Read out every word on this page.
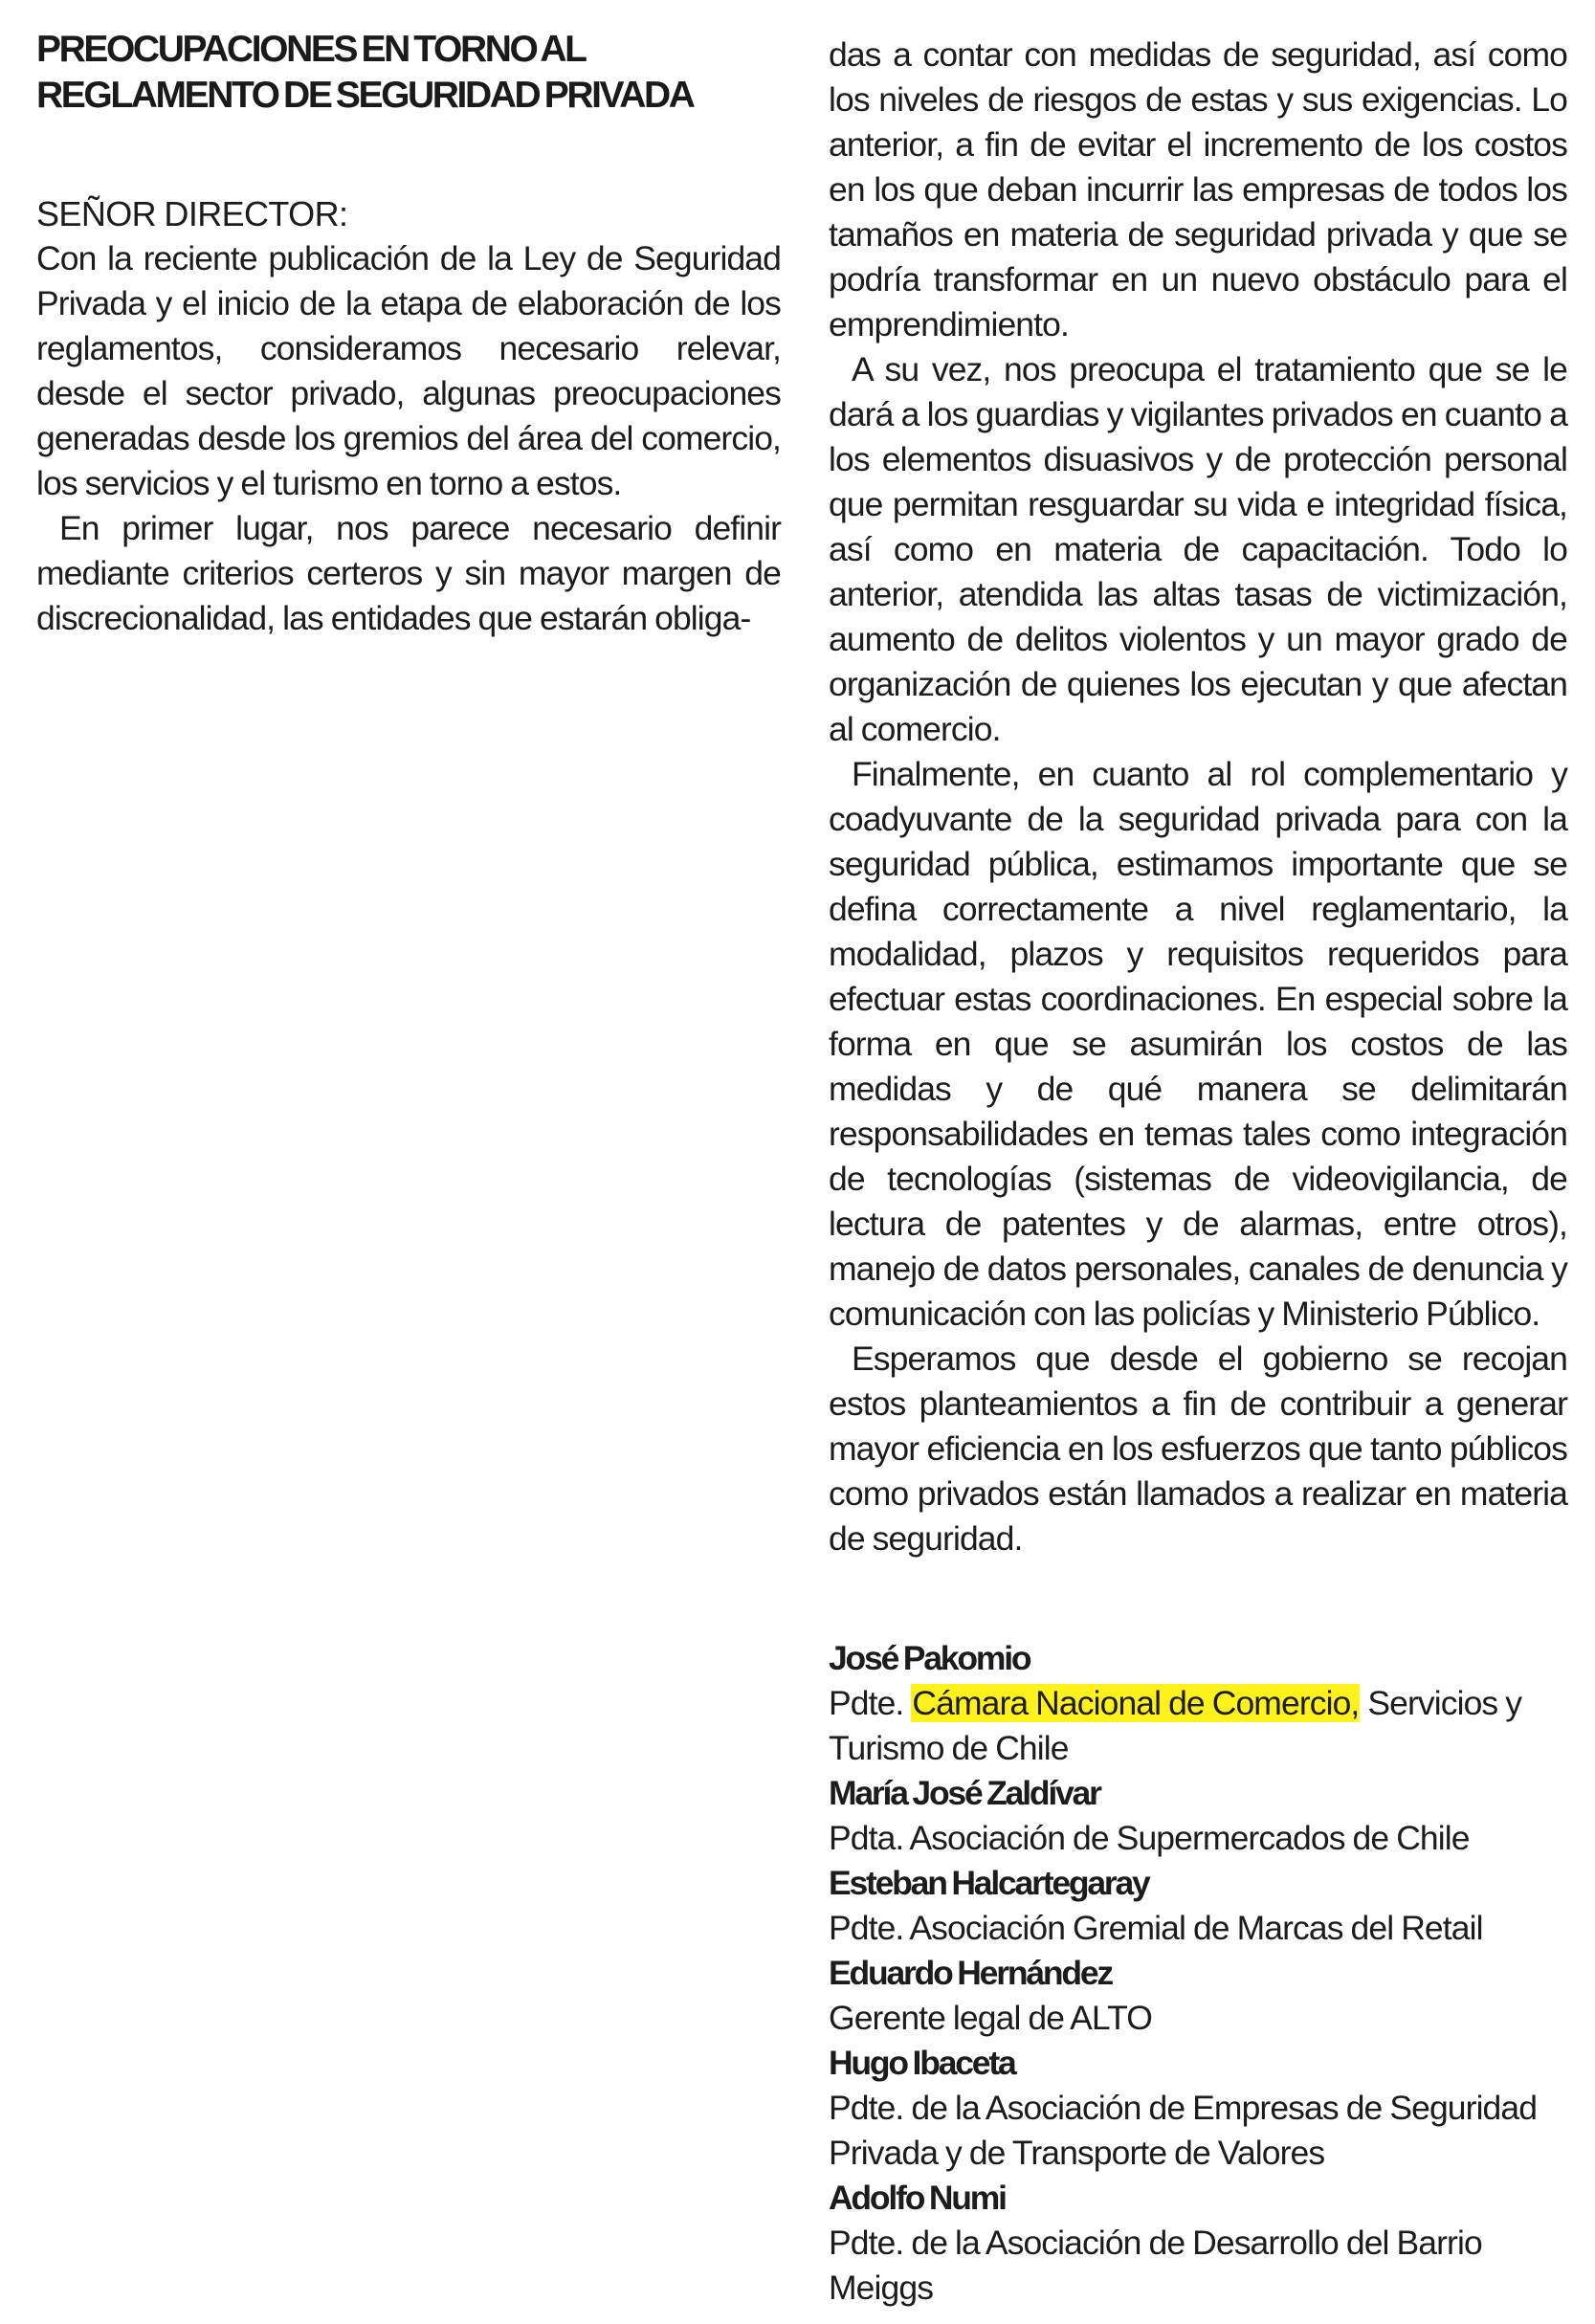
PREOCUPACIONES EN TORNO AL
REGLAMENTO DE SEGURIDAD PRIVADA

SEÑOR DIRECTOR:

Con la reciente publicación de la Ley de Seguridad Privada y el inicio de la etapa de elaboración de los reglamentos, consideramos necesario relevar, desde el sector privado, algunas preocupaciones generadas desde los gremios del área del comercio, los servicios y el turismo en torno a estos.

En primer lugar, nos parece necesario definir mediante criterios certeros y sin mayor margen de discrecionalidad, las entidades que estarán obliga-

das a contar con medidas de seguridad, así como los niveles de riesgos de estas y sus exigencias. Lo anterior, a fin de evitar el incremento de los costos en los que deban incurrir las empresas de todos los tamaños en materia de seguridad privada y que se podría transformar en un nuevo obstáculo para el emprendimiento.

A su vez, nos preocupa el tratamiento que se le dará a los guardias y vigilantes privados en cuanto a los elementos disuasivos y de protección personal que permitan resguardar su vida e integridad física, así como en materia de capacitación. Todo lo anterior, atendida las altas tasas de victimización, aumento de delitos violentos y un mayor grado de organización de quienes los ejecutan y que afectan al comercio.

Finalmente, en cuanto al rol complementario y coadyuvante de la seguridad privada para con la seguridad pública, estimamos importante que se defina correctamente a nivel reglamentario, la modalidad, plazos y requisitos requeridos para efectuar estas coordinaciones. En especial sobre la forma en que se asumirán los costos de las medidas y de qué manera se delimitarán responsabilidades en temas tales como integración de tecnologías (sistemas de videovigilancia, de lectura de patentes y de alarmas, entre otros), manejo de datos personales, canales de denuncia y comunicación con las policías y Ministerio Público.

Esperamos que desde el gobierno se recojan estos planteamientos a fin de contribuir a generar mayor eficiencia en los esfuerzos que tanto públicos como privados están llamados a realizar en materia de seguridad.

José Pakomio
Pdte. Cámara Nacional de Comercio, Servicios y Turismo de Chile
María José Zaldívar
Pdta. Asociación de Supermercados de Chile
Esteban Halcartegaray
Pdte. Asociación Gremial de Marcas del Retail
Eduardo Hernández
Gerente legal de ALTO
Hugo Ibaceta
Pdte. de la Asociación de Empresas de Seguridad Privada y de Transporte de Valores
Adolfo Numi
Pdte. de la Asociación de Desarrollo del Barrio Meiggs
